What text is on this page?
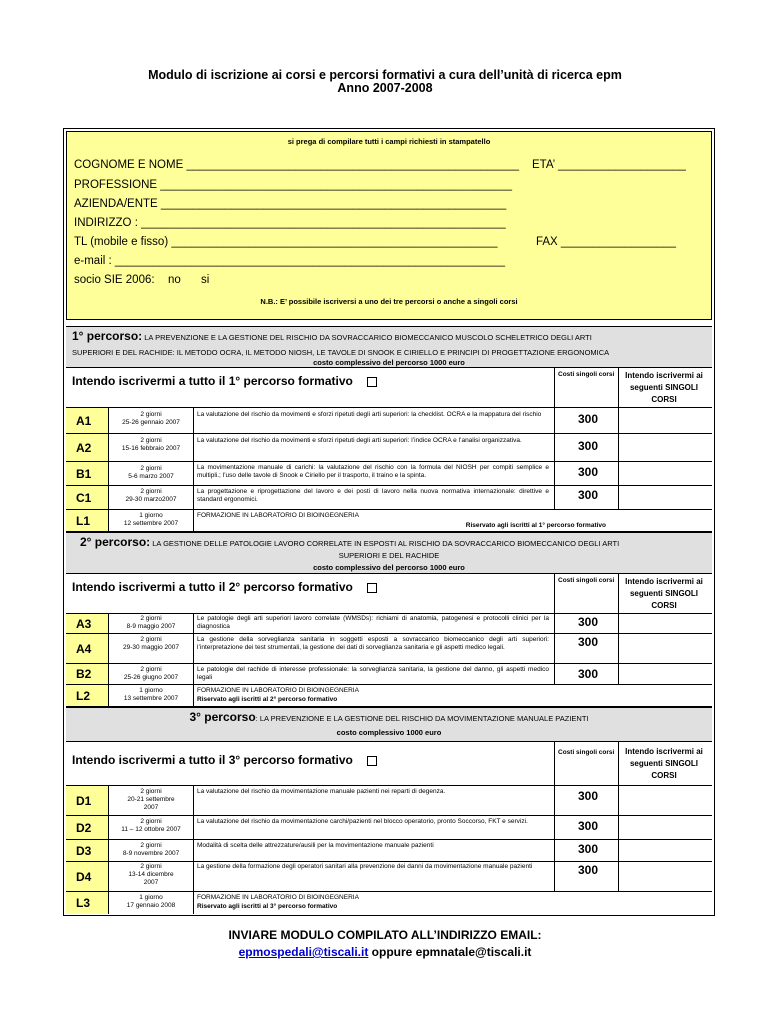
Modulo di iscrizione ai corsi e percorsi formativi a cura dell’unità di ricerca epm
Anno 2007-2008
si prega di compilare tutti i campi richiesti in stampatello
COGNOME E NOME ____________________________________________________ ETA’ ____________________
PROFESSIONE _______________________________________________________
AZIENDA/ENTE ______________________________________________________
INDIRIZZO : _________________________________________________________
TL (mobile e fisso) ___________________________________________________	FAX __________________
e-mail : _____________________________________________________________
socio SIE 2006: no si
N.B.: E’ possibile iscriversi a uno dei tre percorsi o anche a singoli corsi
1° percorso: LA PREVENZIONE E LA GESTIONE DEL RISCHIO DA SOVRACCARICO BIOMECCANICO MUSCOLO SCHELETRICO DEGLI ARTI
SUPERIORI E DEL RACHIDE: IL METODO OCRA, IL METODO NIOSH, LE TAVOLE DI SNOOK E CIRIELLO E PRINCIPI DI PROGETTAZIONE ERGONOMICA
costo complessivo del percorso 1000 euro
Intendo iscrivermi a tutto il 1° percorso formativo	Costi singoli corsi	Intendo iscrivermi ai seguenti SINGOLI CORSI
A1	2 giorni
25-26 gennaio 2007
La valutazione del rischio da movimenti e sforzi ripetuti degli arti superiori: la checklist. OCRA e la mappatura del rischio	300
A2	2 giorni
15-16 febbraio 2007
La valutazione del rischio da movimenti e sforzi ripetuti degli arti superiori: l’indice OCRA e l’analisi organizzativa.	300
B1	2 giorni
5-6 marzo 2007
La movimentazione manuale di carichi: la valutazione del rischio con la formula del NIOSH per compiti semplice e multipli.; l’uso delle tavole di Snook e Ciriello per il trasporto, il traino e la spinta.	300
C1	2 giorni
29-30 marzo2007
La progettazione e riprogettazione del lavoro e dei posti di lavoro nella nuova normativa internazionale: direttive e standard ergonomici.	300
L1	1 giorno
12 settembre 2007
FORMAZIONE IN LABORATORIO DI BIOINGEGNERIA
Riservato agli iscritti al 1° percorso formativo
2° percorso: LA GESTIONE DELLE PATOLOGIE LAVORO CORRELATE IN ESPOSTI AL RISCHIO DA SOVRACCARICO BIOMECCANICO DEGLI ARTI
SUPERIORI E DEL RACHIDE
costo complessivo del percorso 1000 euro
Intendo iscrivermi a tutto il 2° percorso formativo	Costi singoli corsi	Intendo iscrivermi ai seguenti SINGOLI CORSI
A3	2 giorni
8-9 maggio 2007
Le patologie degli arti superiori lavoro correlate (WMSDs): richiami di anatomia, patogenesi e protocolli clinici per la diagnostica	300
A4
2 giorni
29-30 maggio 2007
La gestione della sorveglianza sanitaria in soggetti esposti a sovraccarico biomeccanico degli arti superiori: l’interpretazione dei test strumentali, la gestione dei dati di sorveglianza sanitaria e gli aspetti medico legali.	300
B2	2 giorni
25-26 giugno 2007
Le patologie del rachide di interesse professionale: la sorveglianza sanitaria, la gestione del danno, gli aspetti medico legali	300
L2	1 giorno
13 settembre 2007
FORMAZIONE IN LABORATORIO DI BIOINGEGNERIA
Riservato agli iscritti al 2° percorso formativo
3° percorso: LA PREVENZIONE E LA GESTIONE DEL RISCHIO DA MOVIMENTAZIONE MANUALE PAZIENTI
costo complessivo 1000 euro
Intendo iscrivermi a tutto il 3° percorso formativo
Costi singoli corsi	Intendo iscrivermi ai seguenti SINGOLI CORSI
D1
2 giorni
20-21 settembre
2007
La valutazione del rischio da movimentazione manuale pazienti nei reparti di degenza.	300
D2	2 giorni
11 – 12 ottobre 2007
La valutazione del rischio da movimentazione carchi/pazienti nel blocco operatorio, pronto Soccorso, FKT e servizi.	300
D3	2 giorni
8-9 novembre 2007
Modalità di scelta delle attrezzature/ausili per la movimentazione manuale pazienti	300
D4
2 giorni
13-14 dicembre
2007
La gestione della formazione degli operatori sanitari alla prevenzione dei danni da movimentazione manuale pazienti	300
L3	1 giorno
17 gennaio 2008
FORMAZIONE IN LABORATORIO DI BIOINGEGNERIA
Riservato agli iscritti al 3° percorso formativo
INVIARE MODULO COMPILATO ALL’INDIRIZZO EMAIL:
epmospedali@tiscali.it oppure epmnatale@tiscali.it
